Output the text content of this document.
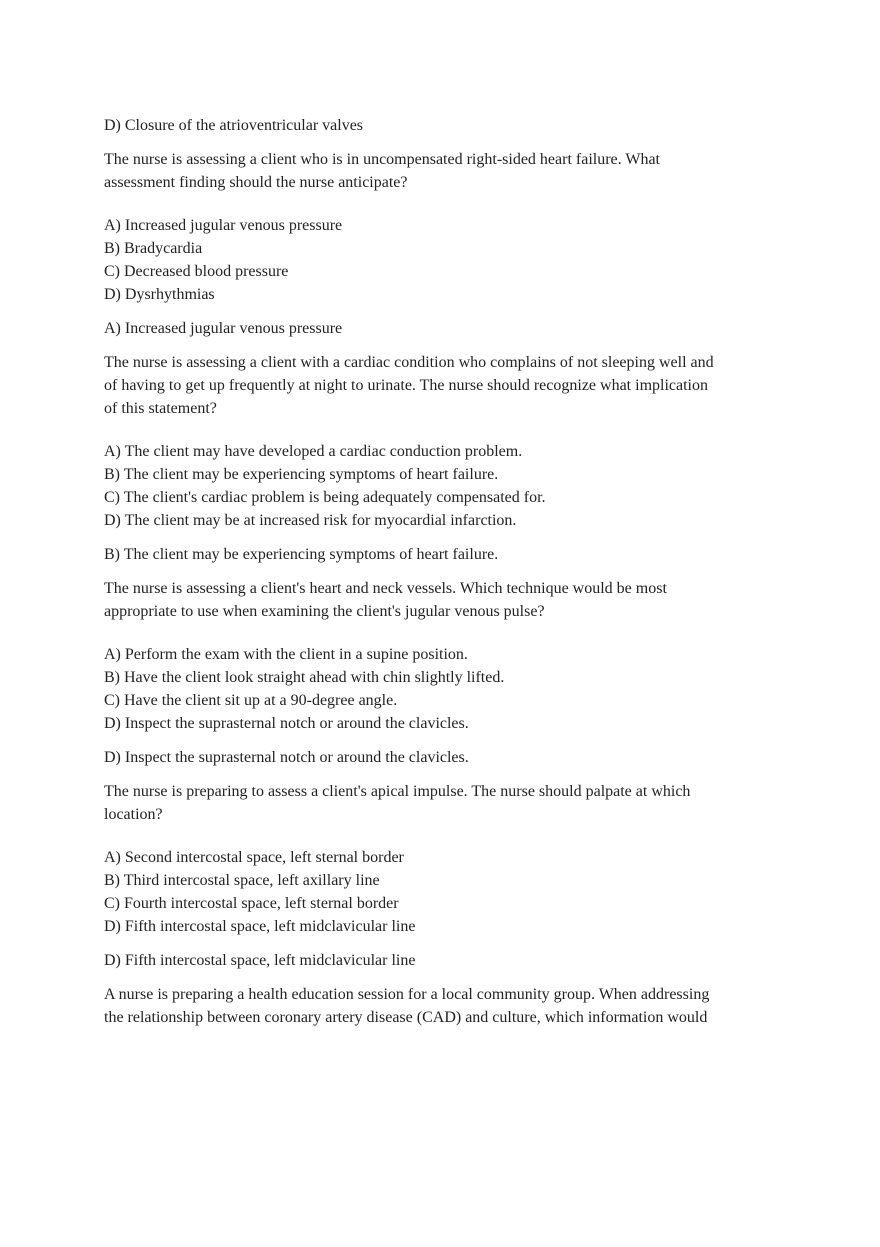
D) Closure of the atrioventricular valves
The nurse is assessing a client who is in uncompensated right-sided heart failure. What
assessment finding should the nurse anticipate?
A) Increased jugular venous pressure
B) Bradycardia
C) Decreased blood pressure
D) Dysrhythmias
A) Increased jugular venous pressure
The nurse is assessing a client with a cardiac condition who complains of not sleeping well and
of having to get up frequently at night to urinate. The nurse should recognize what implication
of this statement?
A) The client may have developed a cardiac conduction problem.
B) The client may be experiencing symptoms of heart failure.
C) The client's cardiac problem is being adequately compensated for.
D) The client may be at increased risk for myocardial infarction.
B) The client may be experiencing symptoms of heart failure.
The nurse is assessing a client's heart and neck vessels. Which technique would be most
appropriate to use when examining the client's jugular venous pulse?
A) Perform the exam with the client in a supine position.
B) Have the client look straight ahead with chin slightly lifted.
C) Have the client sit up at a 90-degree angle.
D) Inspect the suprasternal notch or around the clavicles.
D) Inspect the suprasternal notch or around the clavicles.
The nurse is preparing to assess a client's apical impulse. The nurse should palpate at which
location?
A) Second intercostal space, left sternal border
B) Third intercostal space, left axillary line
C) Fourth intercostal space, left sternal border
D) Fifth intercostal space, left midclavicular line
D) Fifth intercostal space, left midclavicular line
A nurse is preparing a health education session for a local community group. When addressing
the relationship between coronary artery disease (CAD) and culture, which information would
